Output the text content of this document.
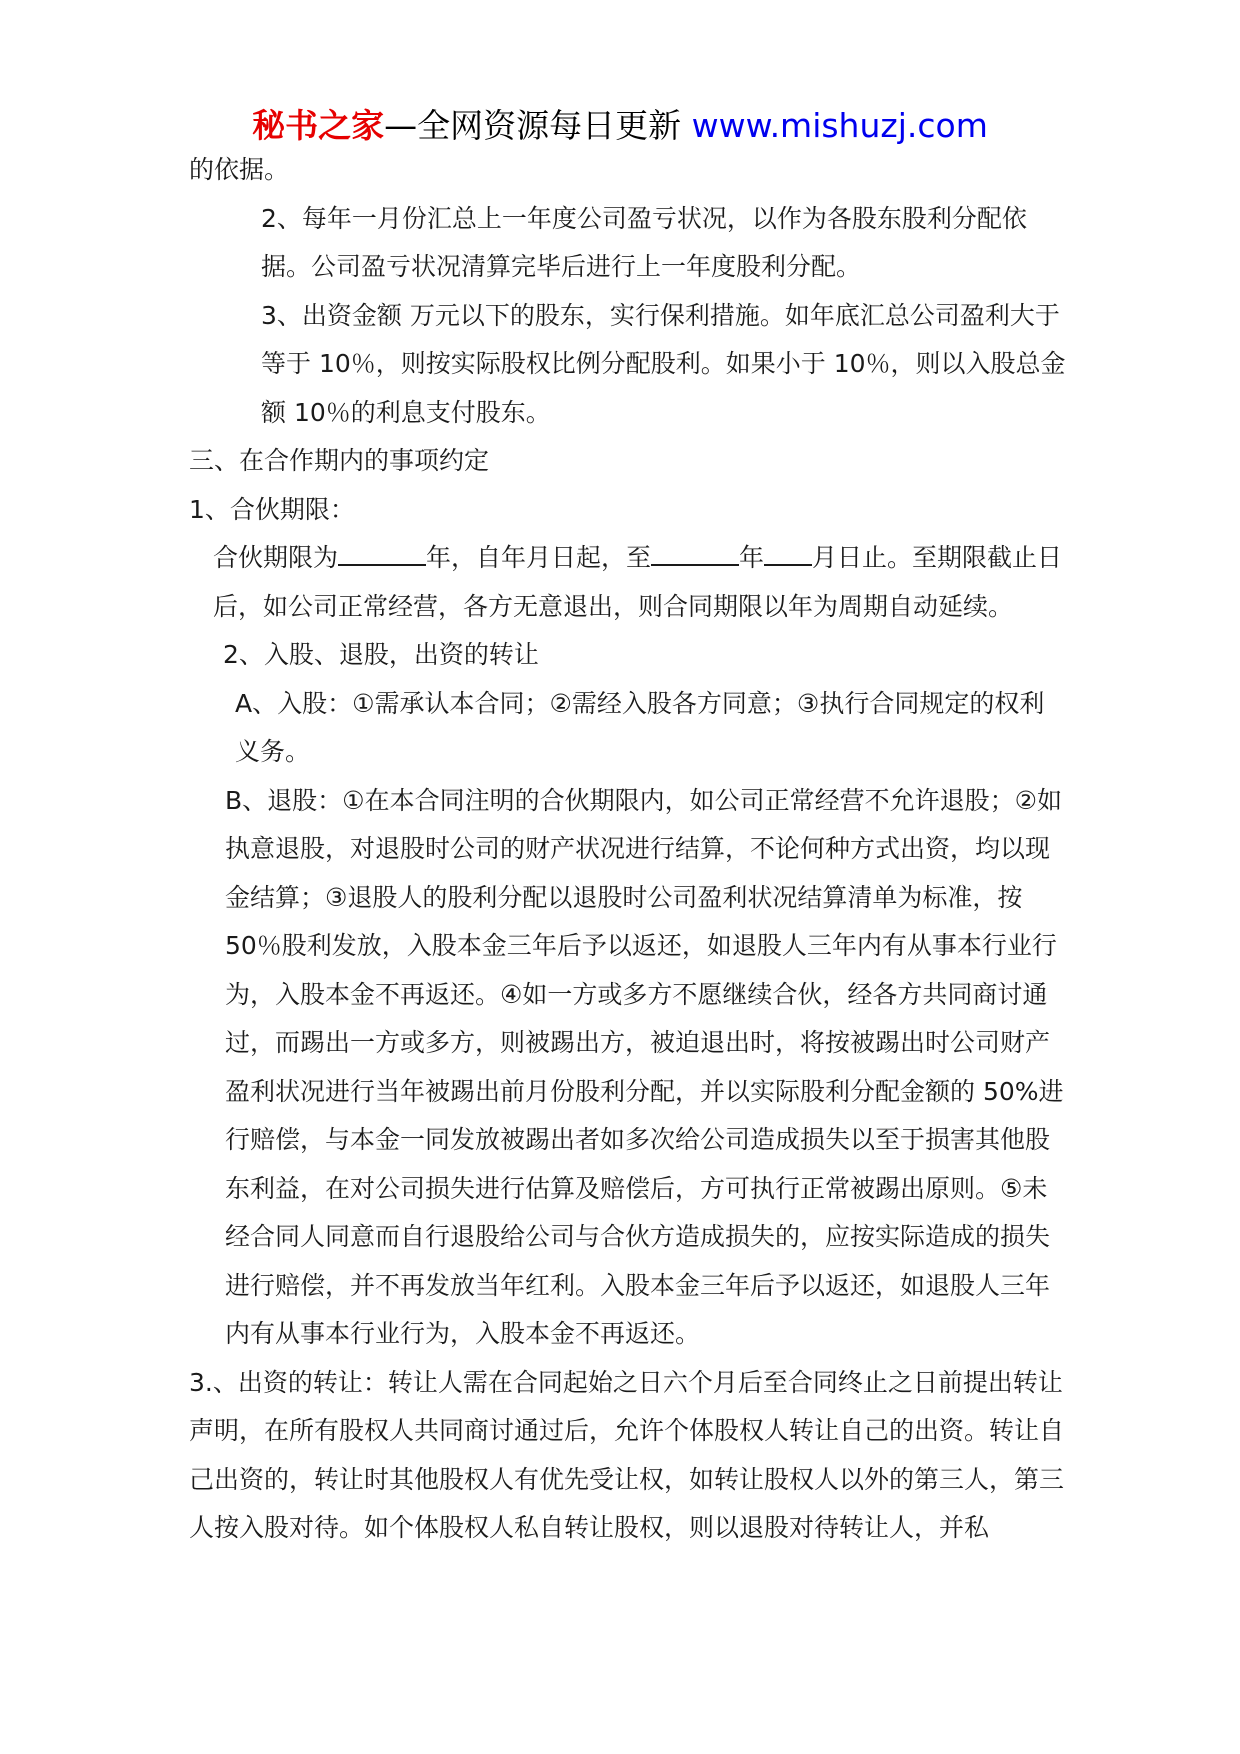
秘书之家—全网资源每日更新 www.mishuzj.com

的依据。

2、每年一月份汇总上一年度公司盈亏状况，以作为各股东股利分配依据。公司盈亏状况清算完毕后进行上一年度股利分配。

3、出资金额 万元以下的股东，实行保利措施。如年底汇总公司盈利大于等于 10％，则按实际股权比例分配股利。如果小于 10％，则以入股总金额 10％的利息支付股东。

三、在合作期内的事项约定

1、合伙期限：

合伙期限为	年，自年月日起，至	年 月日止。至期限截止日后，如公司正常经营，各方无意退出，则合同期限以年为周期自动延续。

2、入股、退股，出资的转让

A、入股：①需承认本合同；②需经入股各方同意；③执行合同规定的权利义务。

B、退股：①在本合同注明的合伙期限内，如公司正常经营不允许退股；②如执意退股，对退股时公司的财产状况进行结算，不论何种方式出资，均以现金结算；③退股人的股利分配以退股时公司盈利状况结算清单为标准，按 50％股利发放，入股本金三年后予以返还，如退股人三年内有从事本行业行为，入股本金不再返还。④如一方或多方不愿继续合伙，经各方共同商讨通过，而踢出一方或多方，则被踢出方，被迫退出时，将按被踢出时公司财产盈利状况进行当年被踢出前月份股利分配，并以实际股利分配金额的 50%进行赔偿，与本金一同发放被踢出者如多次给公司造成损失以至于损害其他股东利益，在对公司损失进行估算及赔偿后，方可执行正常被踢出原则。⑤未经合同人同意而自行退股给公司与合伙方造成损失的，应按实际造成的损失进行赔偿，并不再发放当年红利。入股本金三年后予以返还，如退股人三年内有从事本行业行为，入股本金不再返还。

3.、出资的转让：转让人需在合同起始之日六个月后至合同终止之日前提出转让声明，在所有股权人共同商讨通过后，允许个体股权人转让自己的出资。转让自己出资的，转让时其他股权人有优先受让权，如转让股权人以外的第三人，第三人按入股对待。如个体股权人私自转让股权，则以退股对待转让人，并私
